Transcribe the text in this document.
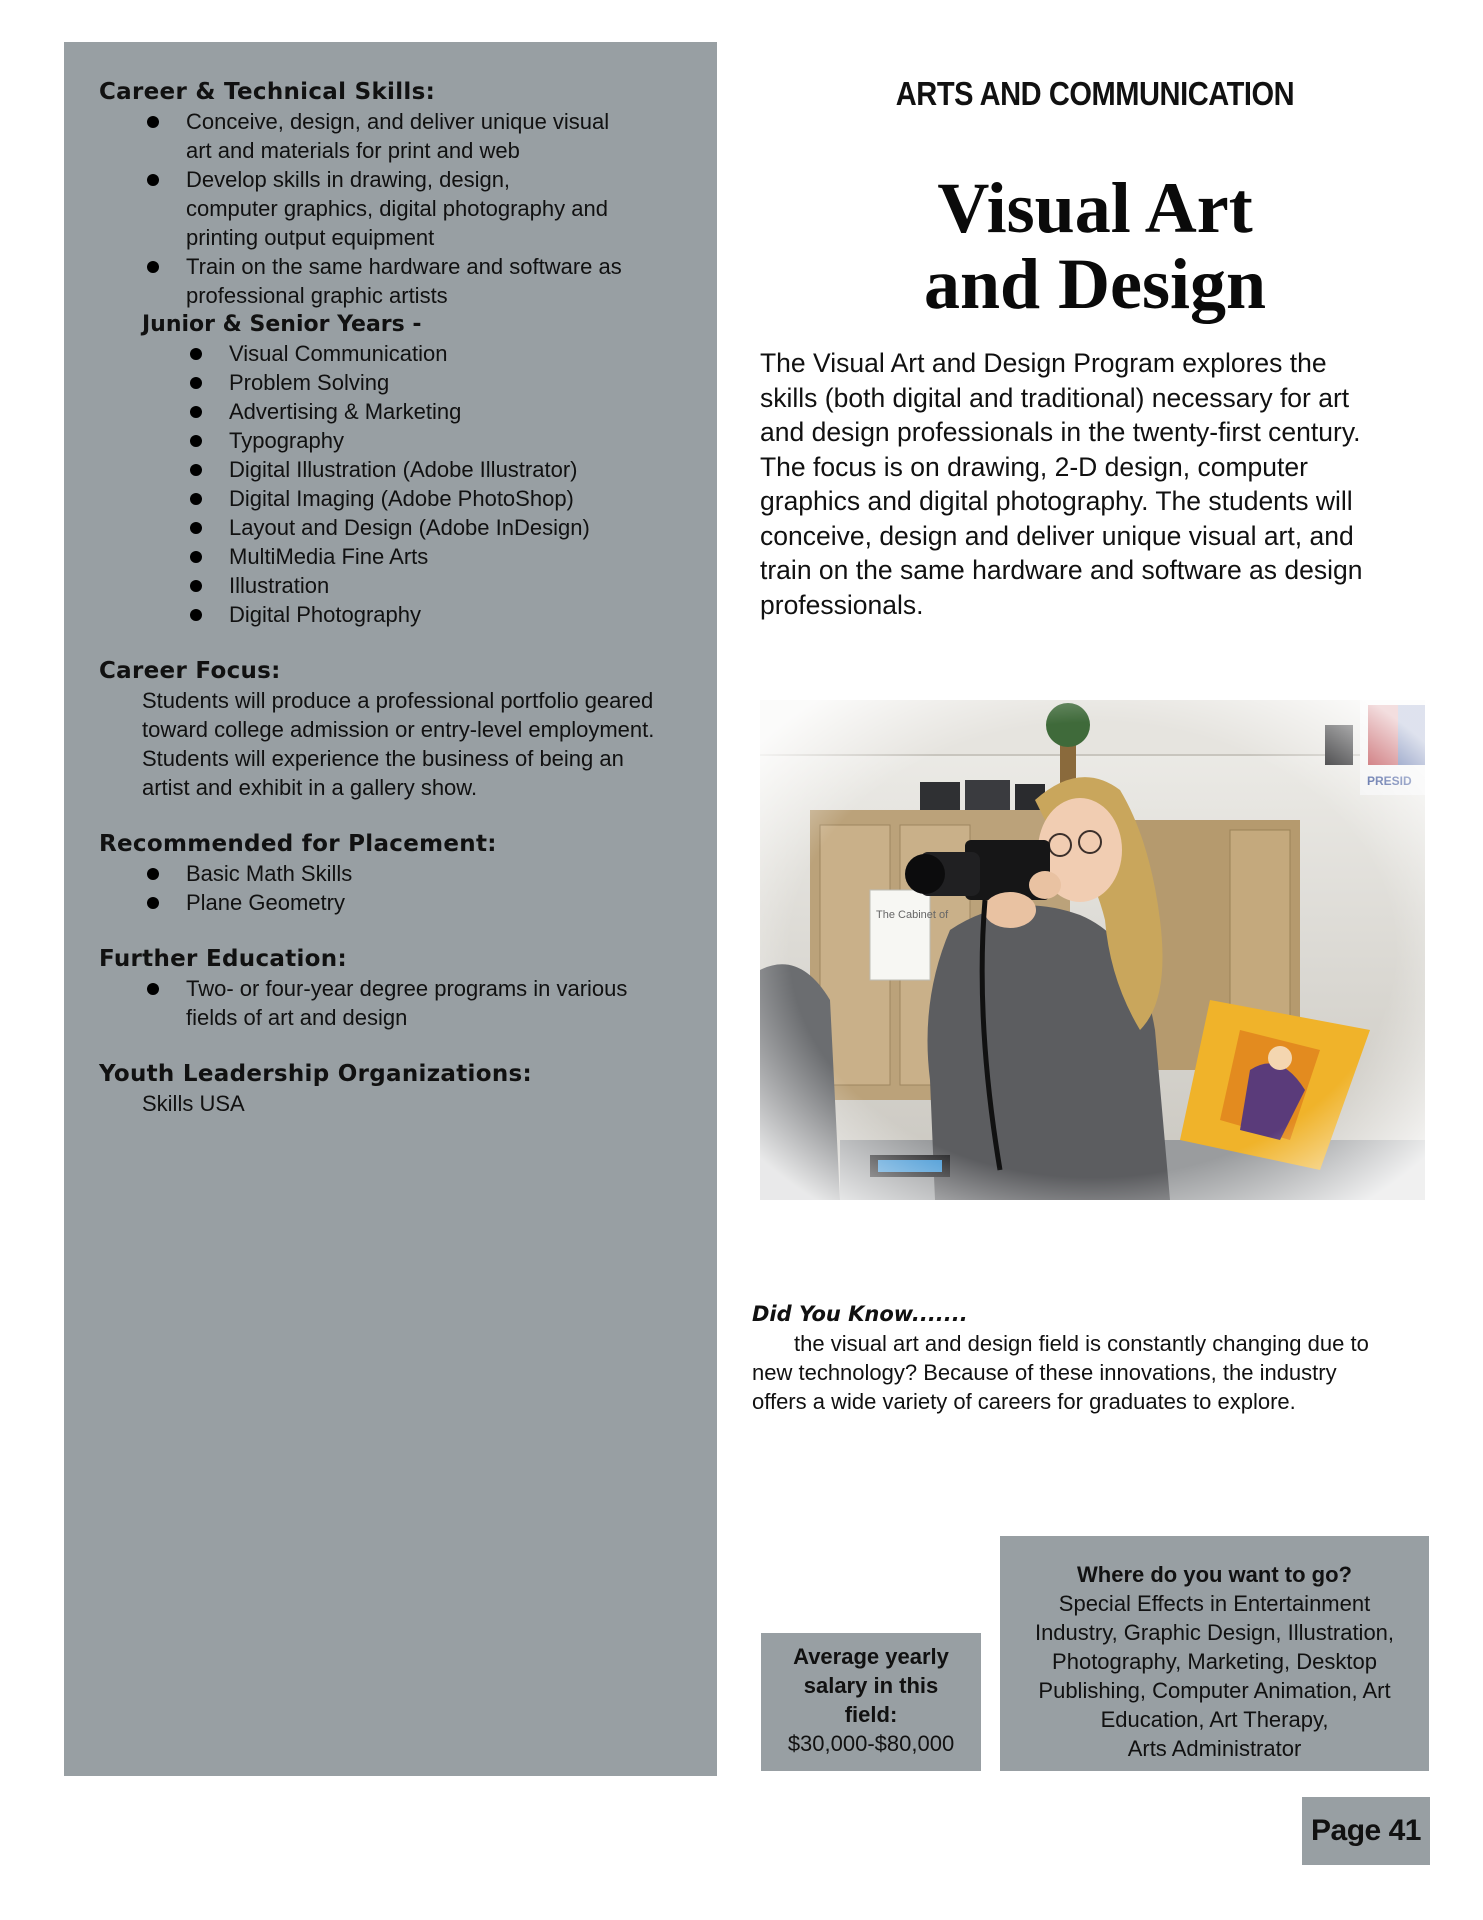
Career & Technical Skills:
Conceive, design, and deliver unique visual
art and materials for print and web
Develop skills in drawing, design,
computer graphics, digital photography and
printing output equipment
Train on the same hardware and software as
professional graphic artists
Junior & Senior Years -
Visual Communication
Problem Solving
Advertising & Marketing
Typography
Digital Illustration (Adobe Illustrator)
Digital Imaging (Adobe PhotoShop)
Layout and Design (Adobe InDesign)
MultiMedia Fine Arts
Illustration
Digital Photography
Career Focus:

Students will produce a professional portfolio geared
toward college admission or entry-level employment.
Students will experience the business of being an
artist and exhibit in a gallery show.

Recommended for Placement:
Basic Math Skills
Plane Geometry
Further Education:
Two- or four-year degree programs in various
fields of art and design
Youth Leadership Organizations:

Skills USA

ARTS AND COMMUNICATION
Visual Art
and Design
The Visual Art and Design Program explores the
skills (both digital and traditional) necessary for art
and design professionals in the twenty-first century.
The focus is on drawing, 2-D design, computer
graphics and digital photography. The students will
conceive, design and deliver unique visual art, and
train on the same hardware and software as design
professionals.

Did You Know.......

the visual art and design field is constantly changing due to
new technology? Because of these innovations, the industry
offers a wide variety of careers for graduates to explore.

Average yearly
salary in this
field:
$30,000-$80,000
Where do you want to go?
Special Effects in Entertainment
Industry, Graphic Design, Illustration,
Photography, Marketing, Desktop
Publishing, Computer Animation, Art
Education, Art Therapy,
Arts Administrator
Page 41
